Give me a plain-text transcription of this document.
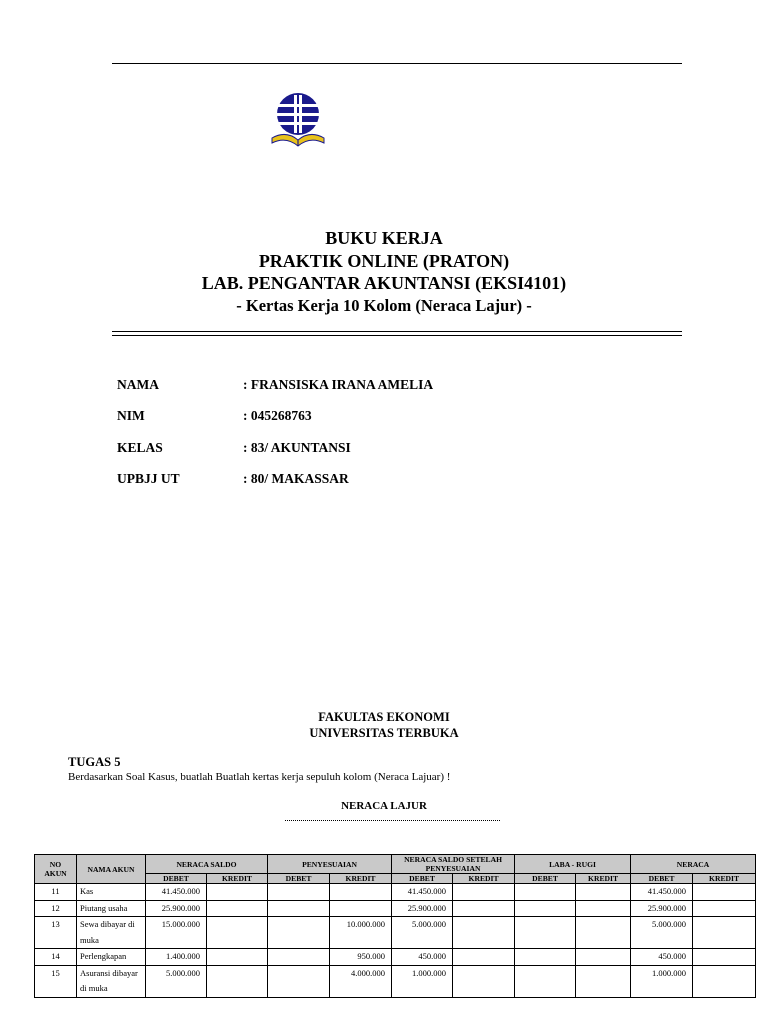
BUKU KERJA
PRAKTIK ONLINE (PRATON)
LAB. PENGANTAR AKUNTANSI (EKSI4101)
- Kertas Kerja 10 Kolom (Neraca Lajur) -
NAMA	: FRANSISKA IRANA AMELIA
NIM	: 045268763
KELAS	: 83/ AKUNTANSI
UPBJJ UT	: 80/ MAKASSAR
FAKULTAS EKONOMI
UNIVERSITAS TERBUKA
TUGAS 5
Berdasarkan Soal Kasus, buatlah Buatlah kertas kerja sepuluh kolom (Neraca Lajuar) !
NERACA LAJUR
NO AKUN	NAMA AKUN	NERACA SALDO		PENYESUAIAN		NERACA SALDO SETELAH PENYESUAIAN		LABA - RUGI		NERACA	
		DEBET	KREDIT	DEBET	KREDIT	DEBET	KREDIT	DEBET	KREDIT	DEBET	KREDIT
11	Kas	41.450.000				41.450.000				41.450.000	
12	Piutang usaha	25.900.000				25.900.000				25.900.000	
13	Sewa dibayar di muka	15.000.000			10.000.000	5.000.000				5.000.000	
14	Perlengkapan	1.400.000			950.000	450.000				450.000	
15	Asuransi dibayar di muka	5.000.000			4.000.000	1.000.000				1.000.000	
